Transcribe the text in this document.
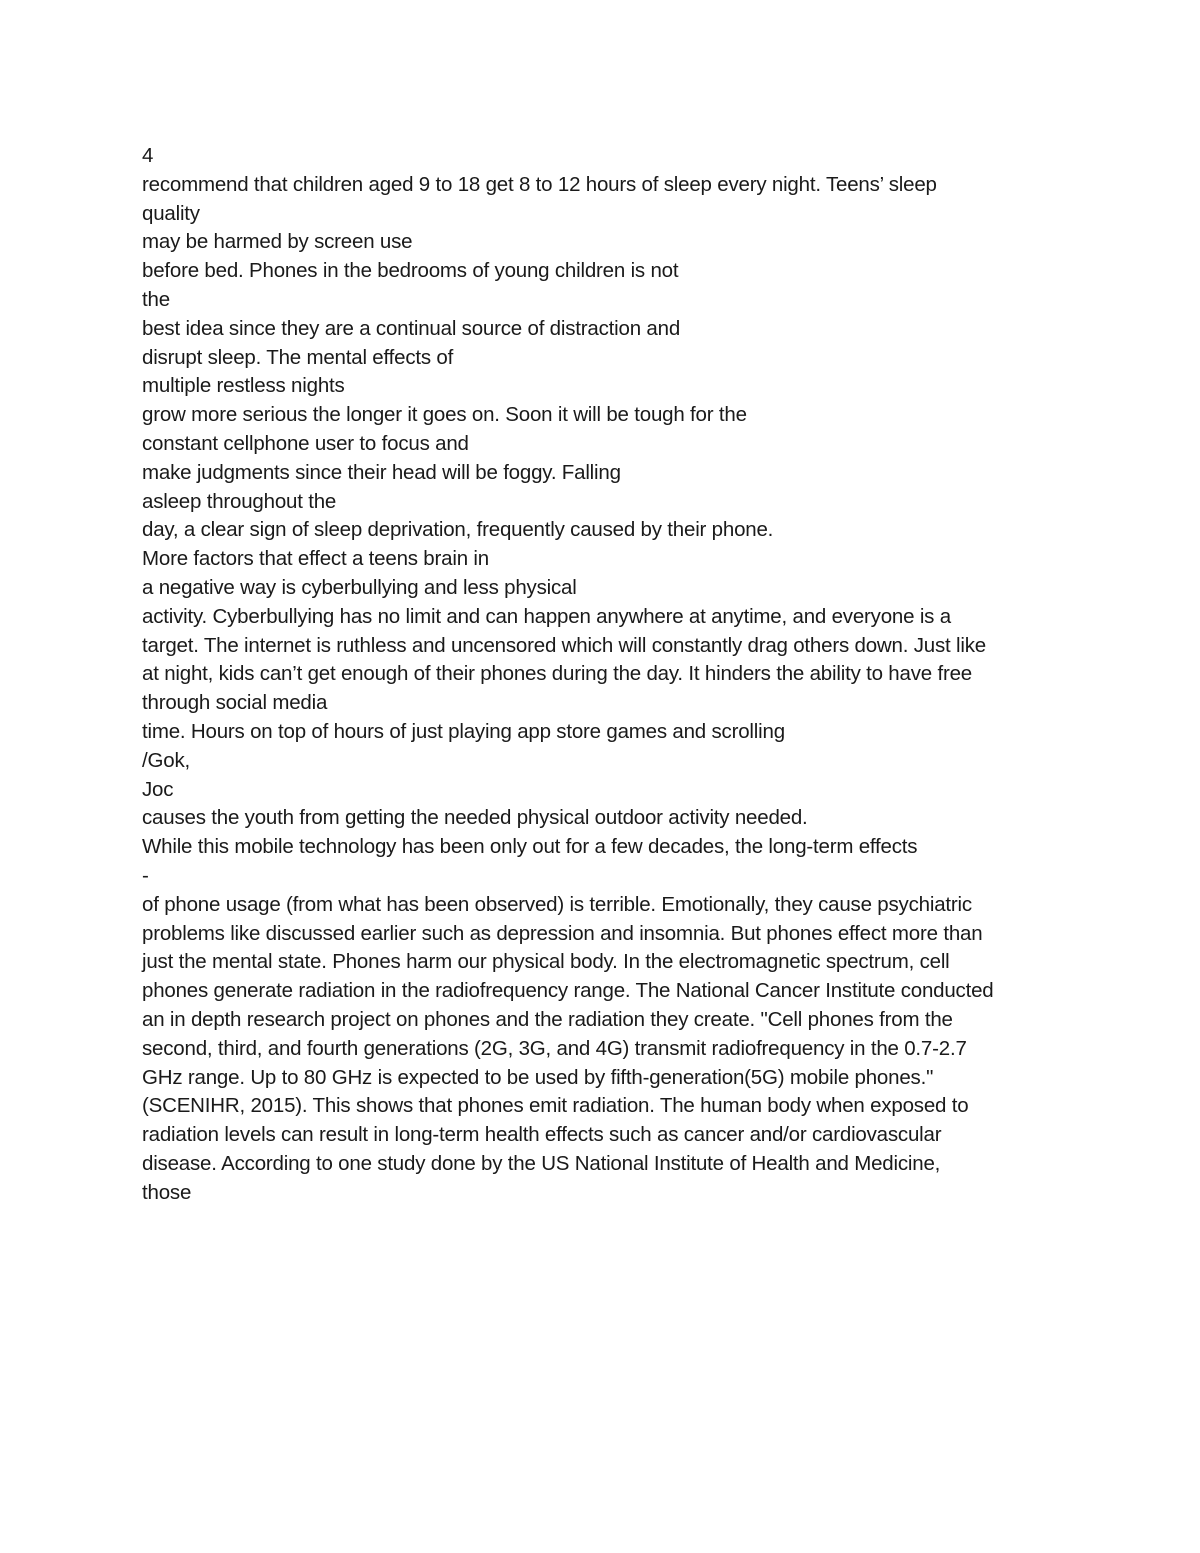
4
recommend that children aged 9 to 18 get 8 to 12 hours of sleep every night. Teens’ sleep
quality
may be harmed by screen use
before bed. Phones in the bedrooms of young children is not
the
best idea since they are a continual source of distraction and
disrupt sleep. The mental effects of
multiple restless nights
grow more serious the longer it goes on. Soon it will be tough for the
constant cellphone user to focus and
make judgments since their head will be foggy. Falling
asleep throughout the
day, a clear sign of sleep deprivation, frequently caused by their phone.
More factors that effect a teens brain in
a negative way is cyberbullying and less physical
activity. Cyberbullying has no limit and can happen anywhere at anytime, and everyone is a
target. The internet is ruthless and uncensored which will constantly drag others down. Just like
at night, kids can’t get enough of their phones during the day. It hinders the ability to have free
through social media
time. Hours on top of hours of just playing app store games and scrolling
/Gok,
Joc
causes the youth from getting the needed physical outdoor activity needed.
While this mobile technology has been only out for a few decades, the long-term effects
-
of phone usage (from what has been observed) is terrible. Emotionally, they cause psychiatric
problems like discussed earlier such as depression and insomnia. But phones effect more than
just the mental state. Phones harm our physical body. In the electromagnetic spectrum, cell
phones generate radiation in the radiofrequency range. The National Cancer Institute conducted
an in depth research project on phones and the radiation they create. "Cell phones from the
second, third, and fourth generations (2G, 3G, and 4G) transmit radiofrequency in the 0.7-2.7
GHz range. Up to 80 GHz is expected to be used by fifth-generation(5G) mobile phones."
(SCENIHR, 2015). This shows that phones emit radiation. The human body when exposed to
radiation levels can result in long-term health effects such as cancer and/or cardiovascular
disease. According to one study done by the US National Institute of Health and Medicine,
those
